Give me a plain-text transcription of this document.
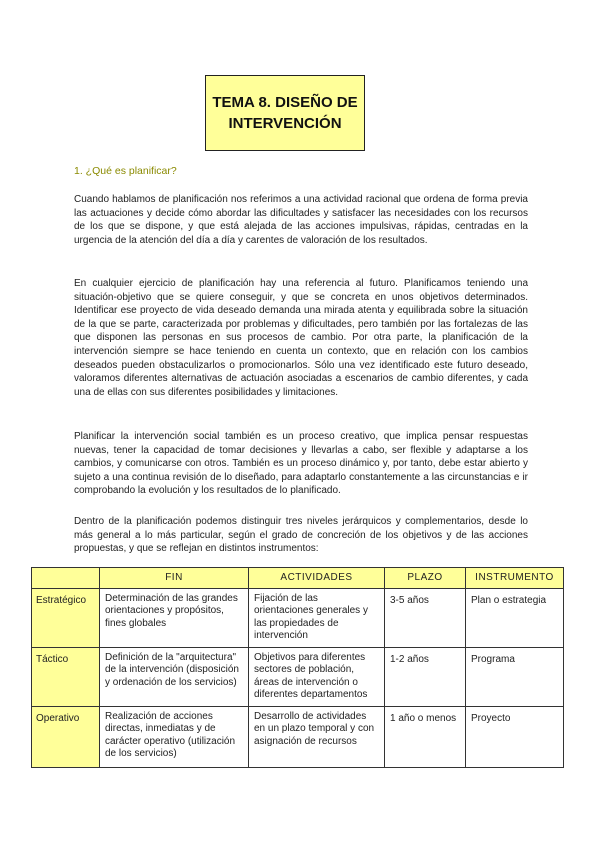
TEMA 8. DISEÑO DE
INTERVENCIÓN
1. ¿Qué es planificar?

Cuando hablamos de planificación nos referimos a una actividad racional que ordena de forma previa las actuaciones y decide cómo abordar las dificultades y satisfacer las necesidades con los recursos de los que se dispone, y que está alejada de las acciones impulsivas, rápidas, centradas en la urgencia de la atención del día a día y carentes de valoración de los resultados.

En cualquier ejercicio de planificación hay una referencia al futuro. Planificamos teniendo una situación-objetivo que se quiere conseguir, y que se concreta en unos objetivos determinados. Identificar ese proyecto de vida deseado demanda una mirada atenta y equilibrada sobre la situación de la que se parte, caracterizada por problemas y dificultades, pero también por las fortalezas de las que disponen las personas en sus procesos de cambio. Por otra parte, la planificación de la intervención siempre se hace teniendo en cuenta un contexto, que en relación con los cambios deseados pueden obstaculizarlos o promocionarlos. Sólo una vez identificado este futuro deseado, valoramos diferentes alternativas de actuación asociadas a escenarios de cambio diferentes, y cada una de ellas con sus diferentes posibilidades y limitaciones.

Planificar la intervención social también es un proceso creativo, que implica pensar respuestas nuevas, tener la capacidad de tomar decisiones y llevarlas a cabo, ser flexible y adaptarse a los cambios, y comunicarse con otros. También es un proceso dinámico y, por tanto, debe estar abierto y sujeto a una continua revisión de lo diseñado, para adaptarlo constantemente a las circunstancias e ir comprobando la evolución y los resultados de lo planificado.

Dentro de la planificación podemos distinguir tres niveles jerárquicos y complementarios, desde lo más general a lo más particular, según el grado de concreción de los objetivos y de las acciones propuestas, y que se reflejan en distintos instrumentos:

	FIN	ACTIVIDADES	PLAZO	INSTRUMENTO
Estratégico	Determinación de las grandes orientaciones y propósitos, fines globales	Fijación de las orientaciones generales y las propiedades de intervención	3-5 años	Plan o estrategia
Táctico	Definición de la "arquitectura" de la intervención (disposición y ordenación de los servicios)	Objetivos para diferentes sectores de población, áreas de intervención o diferentes departamentos	1-2 años	Programa
Operativo	Realización de acciones directas, inmediatas y de carácter operativo (utilización de los servicios)	Desarrollo de actividades en un plazo temporal y con asignación de recursos	1 año o menos	Proyecto
